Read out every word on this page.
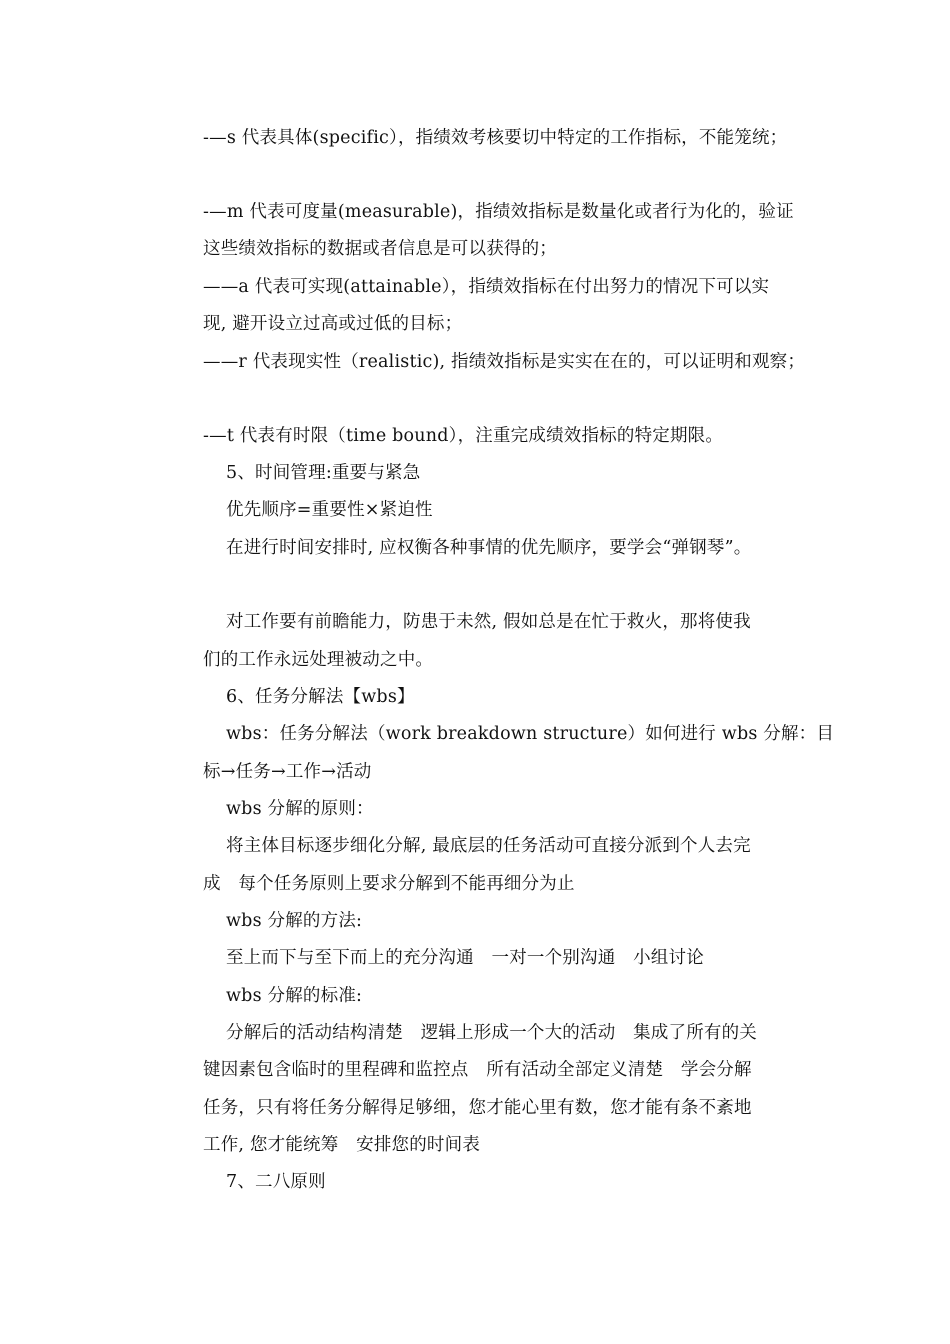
-—s 代表具体(specific），指绩效考核要切中特定的工作指标，不能笼统；
-—m 代表可度量(measurable)，指绩效指标是数量化或者行为化的，验证
这些绩效指标的数据或者信息是可以获得的；
——a 代表可实现(attainable），指绩效指标在付出努力的情况下可以实
现, 避开设立过高或过低的目标；
——r 代表现实性（realistic), 指绩效指标是实实在在的，可以证明和观察；
-—t 代表有时限（time bound），注重完成绩效指标的特定期限。
5、时间管理:重要与紧急
优先顺序=重要性×紧迫性
在进行时间安排时, 应权衡各种事情的优先顺序，要学会“弹钢琴”。
对工作要有前瞻能力，防患于未然, 假如总是在忙于救火，那将使我
们的工作永远处理被动之中。
6、任务分解法【wbs】
wbs：任务分解法（work breakdown structure）如何进行 wbs 分解：目
标→任务→工作→活动
wbs 分解的原则：
将主体目标逐步细化分解, 最底层的任务活动可直接分派到个人去完
成　每个任务原则上要求分解到不能再细分为止
wbs 分解的方法:
至上而下与至下而上的充分沟通　一对一个别沟通　小组讨论
wbs 分解的标准:
分解后的活动结构清楚　逻辑上形成一个大的活动　集成了所有的关
键因素包含临时的里程碑和监控点　所有活动全部定义清楚　学会分解
任务，只有将任务分解得足够细，您才能心里有数，您才能有条不紊地
工作, 您才能统筹　安排您的时间表
7、二八原则
